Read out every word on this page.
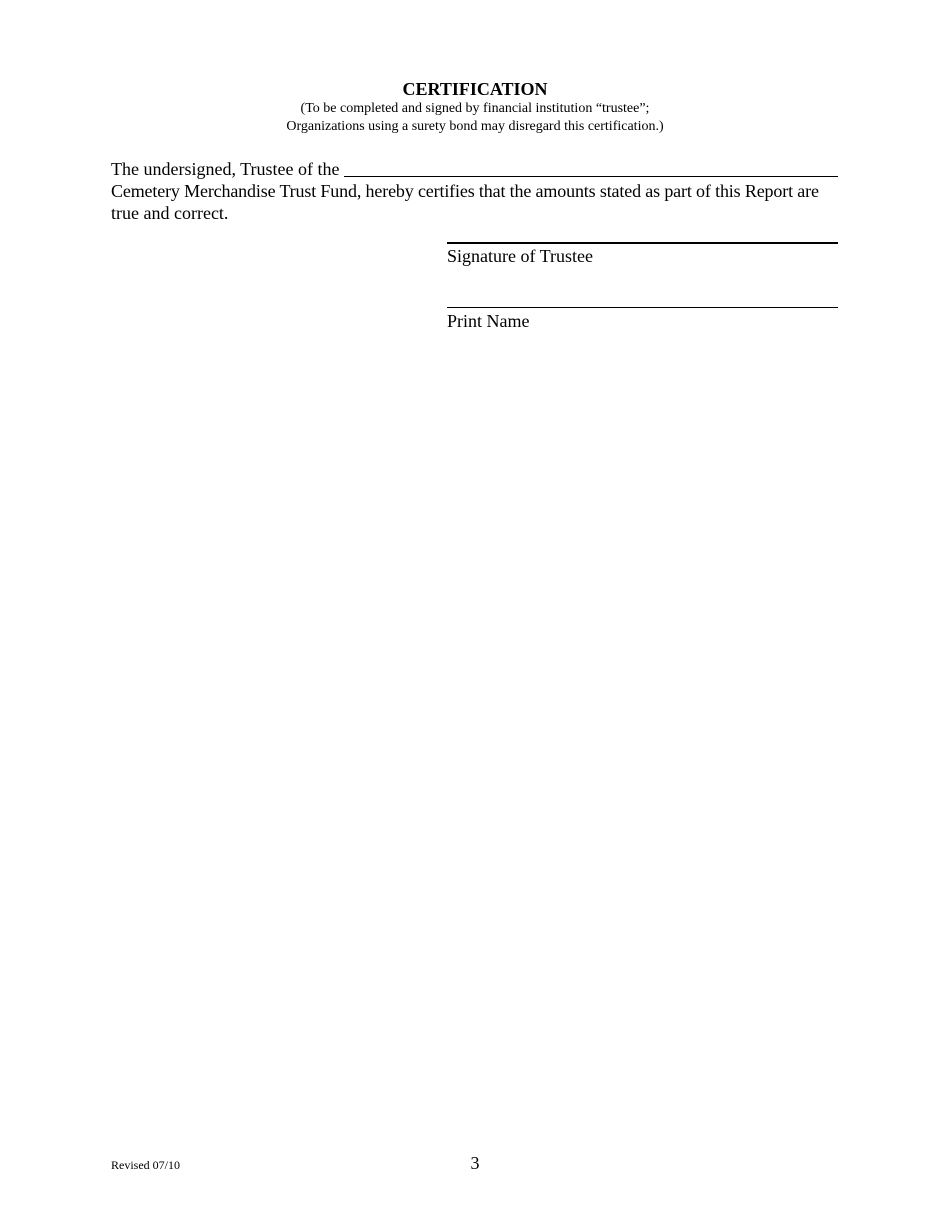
CERTIFICATION
(To be completed and signed by financial institution “trustee”;
Organizations using a surety bond may disregard this certification.)
The undersigned, Trustee of the
Cemetery Merchandise Trust Fund, hereby certifies that the amounts stated as part of this Report are
true and correct.
Signature of Trustee
Print Name
Revised 07/10	3
